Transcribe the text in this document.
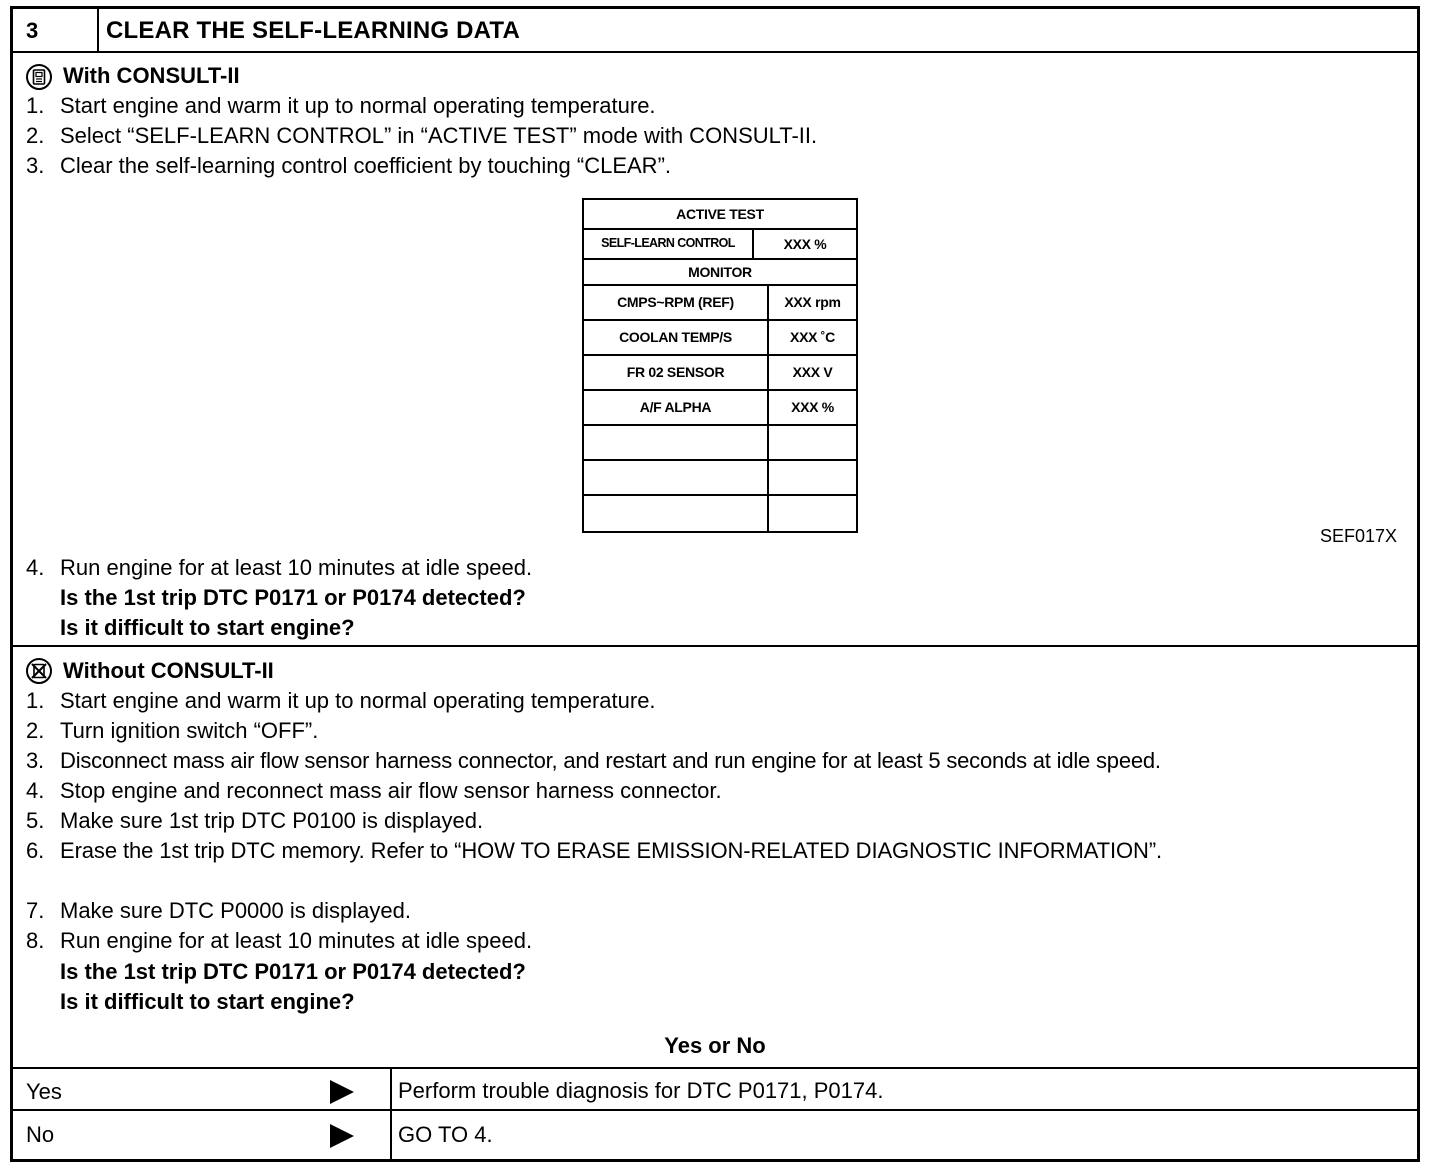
3	CLEAR THE SELF-LEARNING DATA
With CONSULT-II
1. Start engine and warm it up to normal operating temperature.
2. Select “SELF-LEARN CONTROL” in “ACTIVE TEST” mode with CONSULT-II.
3. Clear the self-learning control coefficient by touching “CLEAR”.
ACTIVE TEST
SELF-LEARN CONTROL	XXX %
MONITOR
CMPS~RPM (REF)	XXX rpm
COOLAN TEMP/S	XXX ˚C
FR 02 SENSOR	XXX V
A/F ALPHA	XXX %
SEF017X
4. Run engine for at least 10 minutes at idle speed.
Is the 1st trip DTC P0171 or P0174 detected?
Is it difficult to start engine?
Without CONSULT-II
1. Start engine and warm it up to normal operating temperature.
2. Turn ignition switch “OFF”.
3. Disconnect mass air flow sensor harness connector, and restart and run engine for at least 5 seconds at idle speed.
4. Stop engine and reconnect mass air flow sensor harness connector.
5. Make sure 1st trip DTC P0100 is displayed.
6. Erase the 1st trip DTC memory. Refer to “HOW TO ERASE EMISSION-RELATED DIAGNOSTIC INFORMATION”.
7. Make sure DTC P0000 is displayed.
8. Run engine for at least 10 minutes at idle speed.
Is the 1st trip DTC P0171 or P0174 detected?
Is it difficult to start engine?
Yes or No
Yes	Perform trouble diagnosis for DTC P0171, P0174.
No	GO TO 4.
